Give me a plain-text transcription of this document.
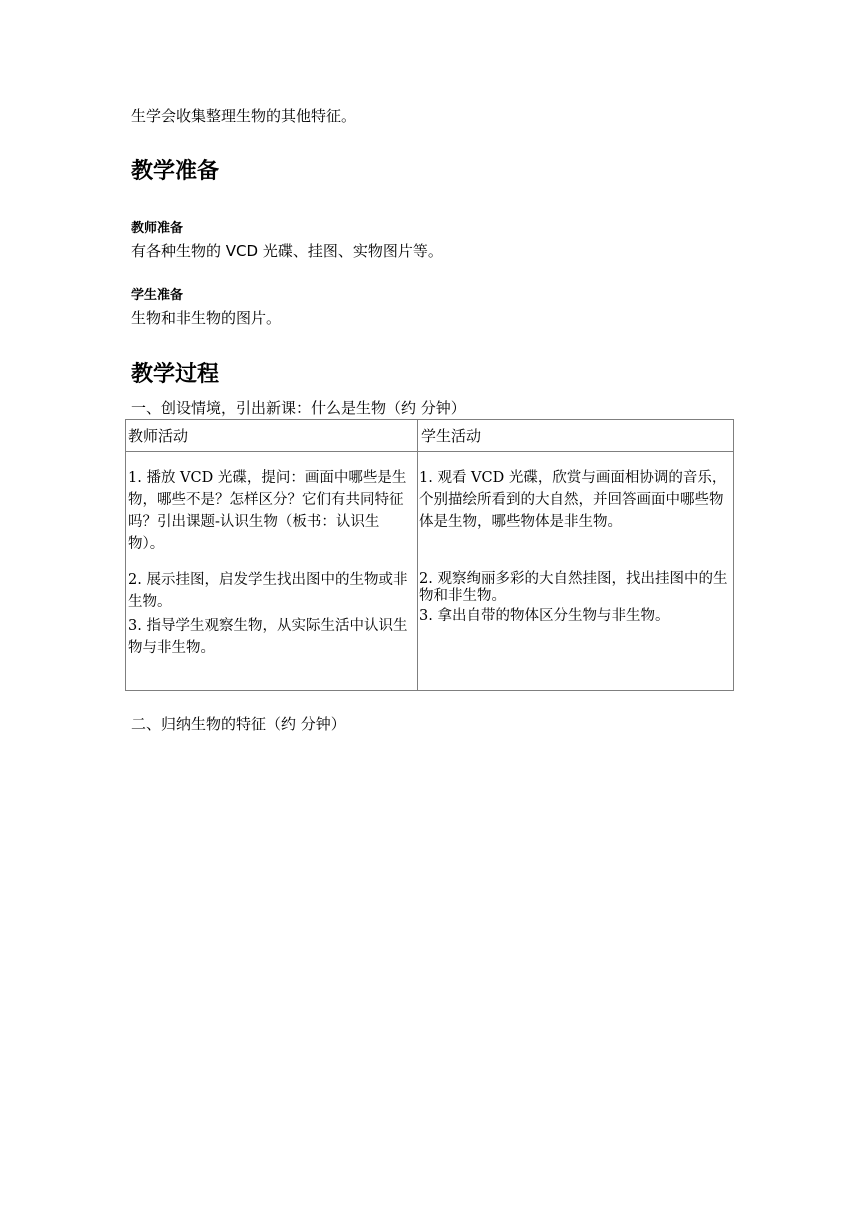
生学会收集整理生物的其他特征。
教学准备
教师准备
有各种生物的 VCD 光碟、挂图、实物图片等。
学生准备
生物和非生物的图片。
教学过程
一、创设情境，引出新课：什么是生物（约 分钟）
教师活动	学生活动
1. 播放 VCD 光碟，提问：画面中哪些是生物，哪些不是？怎样区分？它们有共同特征吗？引出课题-认识生物（板书：认识生物）。
2. 展示挂图，启发学生找出图中的生物或非生物。
3. 指导学生观察生物，从实际生活中认识生物与非生物。
1. 观看 VCD 光碟，欣赏与画面相协调的音乐，个别描绘所看到的大自然，并回答画面中哪些物体是生物，哪些物体是非生物。
2. 观察绚丽多彩的大自然挂图，找出挂图中的生物和非生物。
3. 拿出自带的物体区分生物与非生物。
二、归纳生物的特征（约 分钟）
